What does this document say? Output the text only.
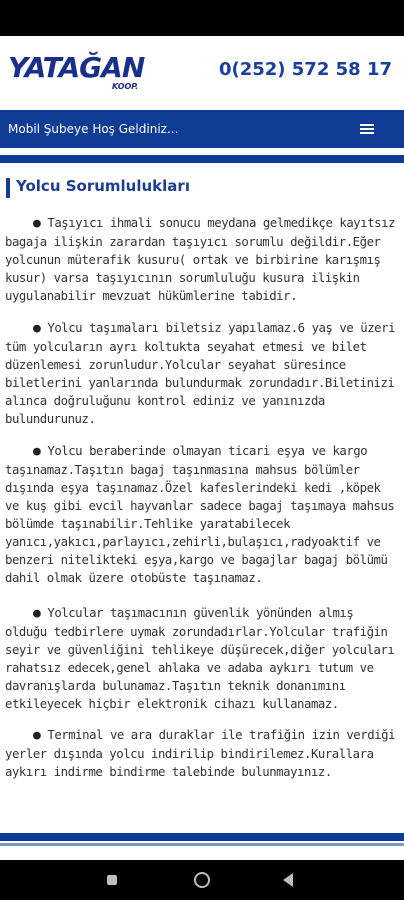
YATAĞAN
KOOP.
0(252) 572 58 17
Mobil Şubeye Hoş Geldiniz...
Yolcu Sorumlulukları

● Taşıyıcı ihmali sonucu meydana gelmedikçe kayıtsız bagaja ilişkin zarardan taşıyıcı sorumlu değildir.Eğer yolcunun müterafik kusuru( ortak ve birbirine karışmış kusur) varsa taşıyıcının sorumluluğu kusura ilişkin uygulanabilir mevzuat hükümlerine tabidir.

● Yolcu taşımaları biletsiz yapılamaz.6 yaş ve üzeri tüm yolcuların ayrı koltukta seyahat etmesi ve bilet düzenlemesi zorunludur.Yolcular seyahat süresince biletlerini yanlarında bulundurmak zorundadır.Biletinizi alınca doğruluğunu kontrol ediniz ve yanınızda bulundurunuz.

● Yolcu beraberinde olmayan ticari eşya ve kargo taşınamaz.Taşıtın bagaj taşınmasına mahsus bölümler dışında eşya taşınamaz.Özel kafeslerindeki kedi ,köpek ve kuş gibi evcil hayvanlar sadece bagaj taşımaya mahsus bölümde taşınabilir.Tehlike yaratabilecek yanıcı,yakıcı,parlayıcı,zehirli,bulaşıcı,radyoaktif ve benzeri nitelikteki eşya,kargo ve bagajlar bagaj bölümü dahil olmak üzere otobüste taşınamaz.

● Yolcular taşımacının güvenlik yönünden almış olduğu tedbirlere uymak zorundadırlar.Yolcular trafiğin seyir ve güvenliğini tehlikeye düşürecek,diğer yolcuları rahatsız edecek,genel ahlaka ve adaba aykırı tutum ve davranışlarda bulunamaz.Taşıtın teknik donanımını etkileyecek hiçbir elektronik cihazı kullanamaz.

● Terminal ve ara duraklar ile trafiğin izin verdiği yerler dışında yolcu indirilip bindirilemez.Kurallara aykırı indirme bindirme talebinde bulunmayınız.
